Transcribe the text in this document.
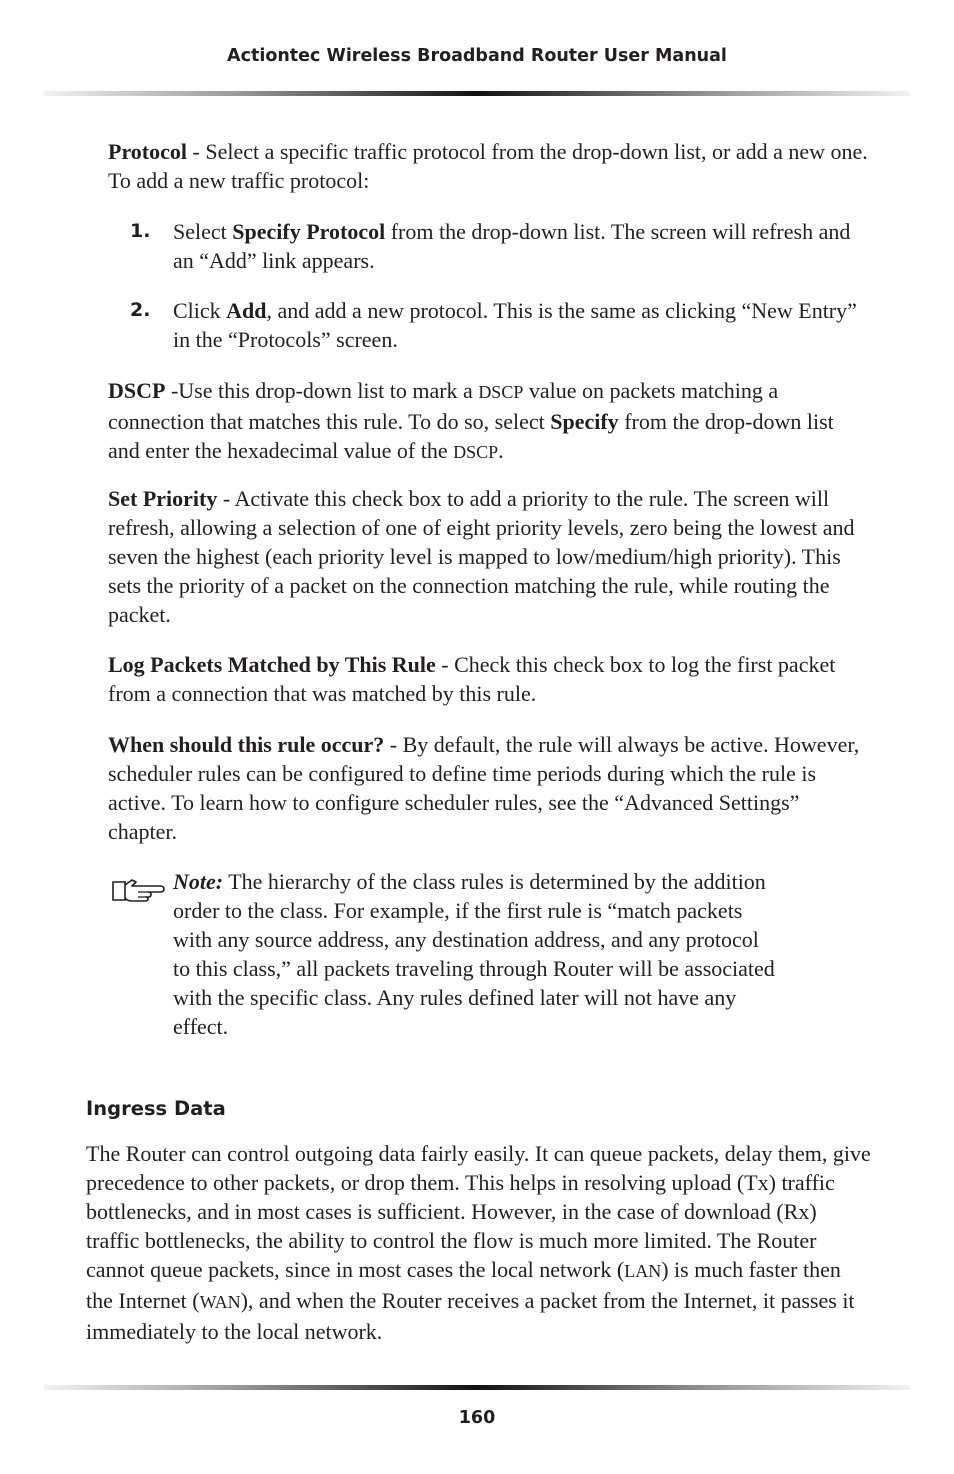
Actiontec Wireless Broadband Router User Manual

Protocol - Select a specific traffic protocol from the drop-down list, or add a new one. To add a new traffic protocol:

1. Select Specify Protocol from the drop-down list. The screen will refresh and an “Add” link appears.

2. Click Add, and add a new protocol. This is the same as clicking “New Entry” in the “Protocols” screen.

DSCP -Use this drop-down list to mark a DSCP value on packets matching a connection that matches this rule. To do so, select Specify from the drop-down list and enter the hexadecimal value of the DSCP.

Set Priority - Activate this check box to add a priority to the rule. The screen will refresh, allowing a selection of one of eight priority levels, zero being the lowest and seven the highest (each priority level is mapped to low/medium/high priority). This sets the priority of a packet on the connection matching the rule, while routing the packet.

Log Packets Matched by This Rule - Check this check box to log the first packet from a connection that was matched by this rule.

When should this rule occur? - By default, the rule will always be active. However, scheduler rules can be configured to define time periods during which the rule is active. To learn how to configure scheduler rules, see the “Advanced Settings” chapter.

Note: The hierarchy of the class rules is determined by the addition order to the class. For example, if the first rule is “match packets with any source address, any destination address, and any protocol to this class,” all packets traveling through Router will be associated with the specific class. Any rules defined later will not have any effect.

Ingress Data

The Router can control outgoing data fairly easily. It can queue packets, delay them, give precedence to other packets, or drop them. This helps in resolving upload (Tx) traffic bottlenecks, and in most cases is sufficient. However, in the case of download (Rx) traffic bottlenecks, the ability to control the flow is much more limited. The Router cannot queue packets, since in most cases the local network (LAN) is much faster then the Internet (WAN), and when the Router receives a packet from the Internet, it passes it immediately to the local network.

160
